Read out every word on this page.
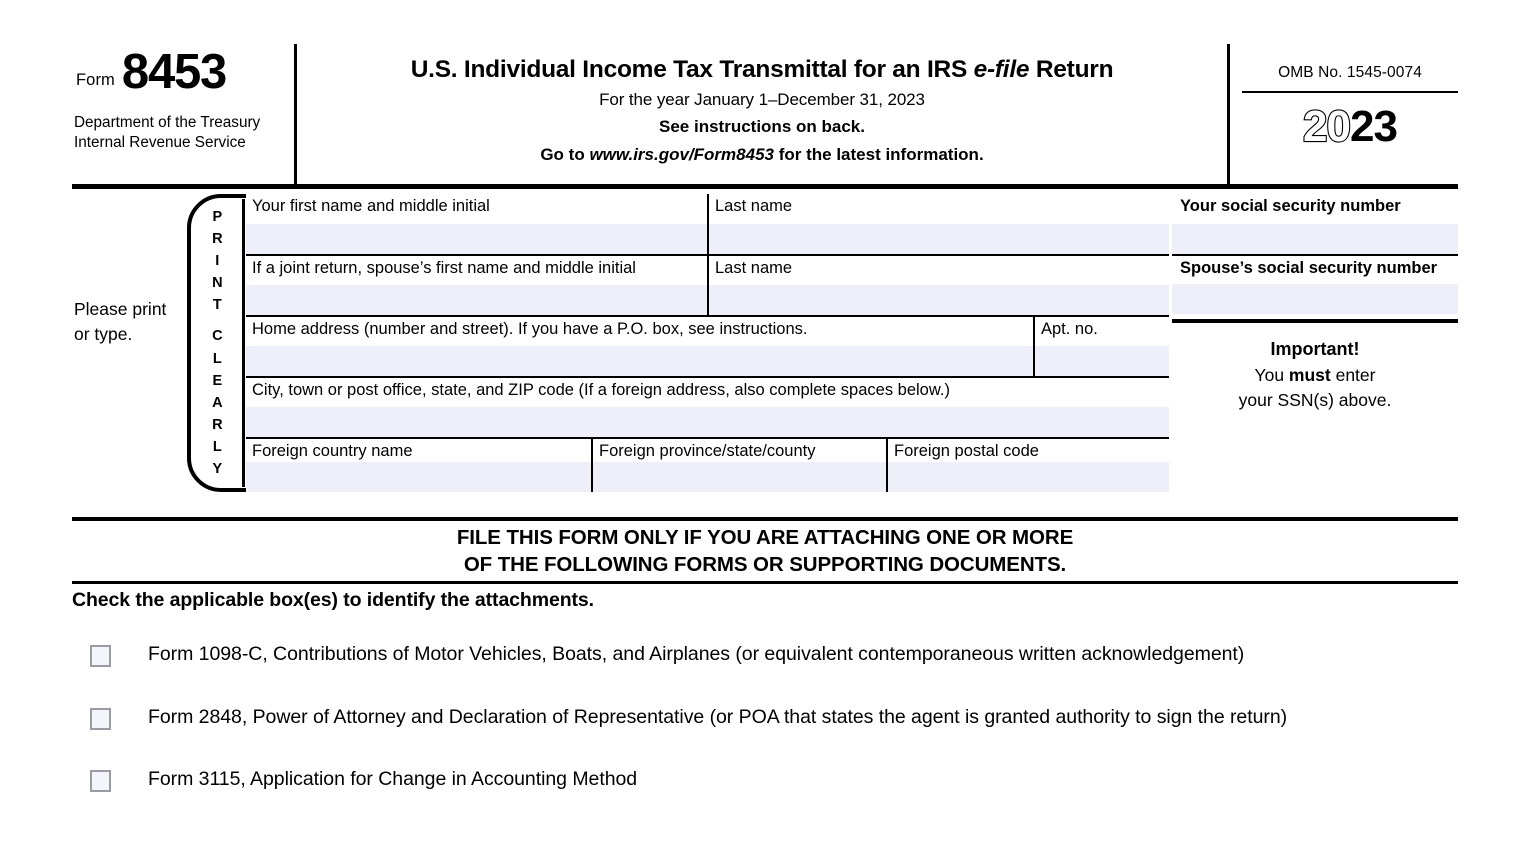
Form 8453
Department of the Treasury
Internal Revenue Service
U.S. Individual Income Tax Transmittal for an IRS e-file Return
For the year January 1–December 31, 2023
See instructions on back.
Go to www.irs.gov/Form8453 for the latest information.
OMB No. 1545-0074
2023
Please print or type.
P
R
I
N
T
C
L
E
A
R
L
Y
Your first name and middle initial	Last name
If a joint return, spouse’s first name and middle initial	Last name
Home address (number and street). If you have a P.O. box, see instructions.	Apt. no.
City, town or post office, state, and ZIP code (If a foreign address, also complete spaces below.)
Foreign country name	Foreign province/state/county	Foreign postal code
Your social security number
Spouse’s social security number
Important!
You must enter
your SSN(s) above.
FILE THIS FORM ONLY IF YOU ARE ATTACHING ONE OR MORE
OF THE FOLLOWING FORMS OR SUPPORTING DOCUMENTS.
Check the applicable box(es) to identify the attachments.
Form 1098-C, Contributions of Motor Vehicles, Boats, and Airplanes (or equivalent contemporaneous written acknowledgement)
Form 2848, Power of Attorney and Declaration of Representative (or POA that states the agent is granted authority to sign the return)
Form 3115, Application for Change in Accounting Method
